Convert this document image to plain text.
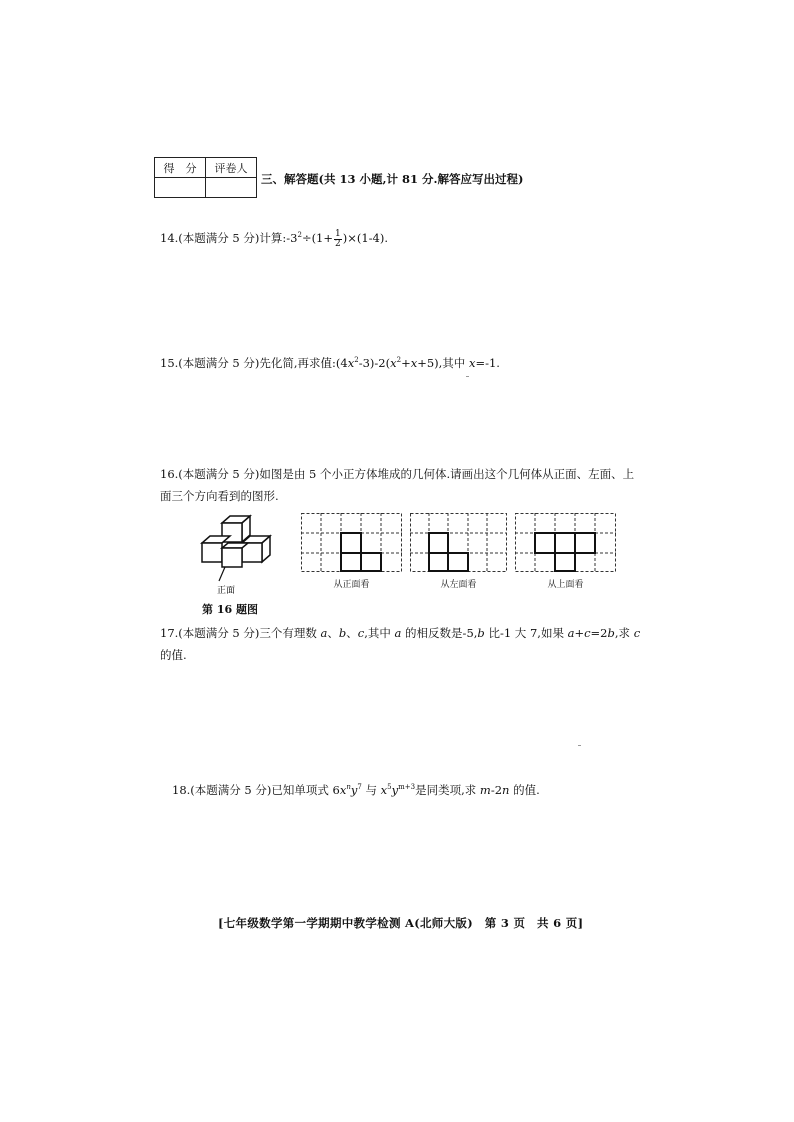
得　分	评卷人

三、解答题(共 13 小题,计 81 分.解答应写出过程)
14.(本题满分 5 分)计算$:-3^2\div(1+ \frac{1}{2} )\times(1-4)$.
15.(本题满分 5 分)先化简,再求值$:(4x^2-3)-2(x^2+x+5)$,其中 x=-1.
16.(本题满分 5 分)如图是由 5 个小正方体堆成的几何体.请画出这个几何体从正面、左面、上
面三个方向看到的图形.
正面
第 16 题图
从正面看	从左面看	从上面看
17.(本题满分 5 分)三个有理数 a、b、c,其中 a 的相反数是-5,b 比-1 大 7,如果 a+c=2b,求 c
的值.
18.(本题满分 5 分)已知单项式 $6x^ny^7$ 与 $x^5y^{m+3}$是同类项,求 m-2n 的值.
[七年级数学第一学期期中教学检测 A(北师大版)　第 3 页　共 6 页]
